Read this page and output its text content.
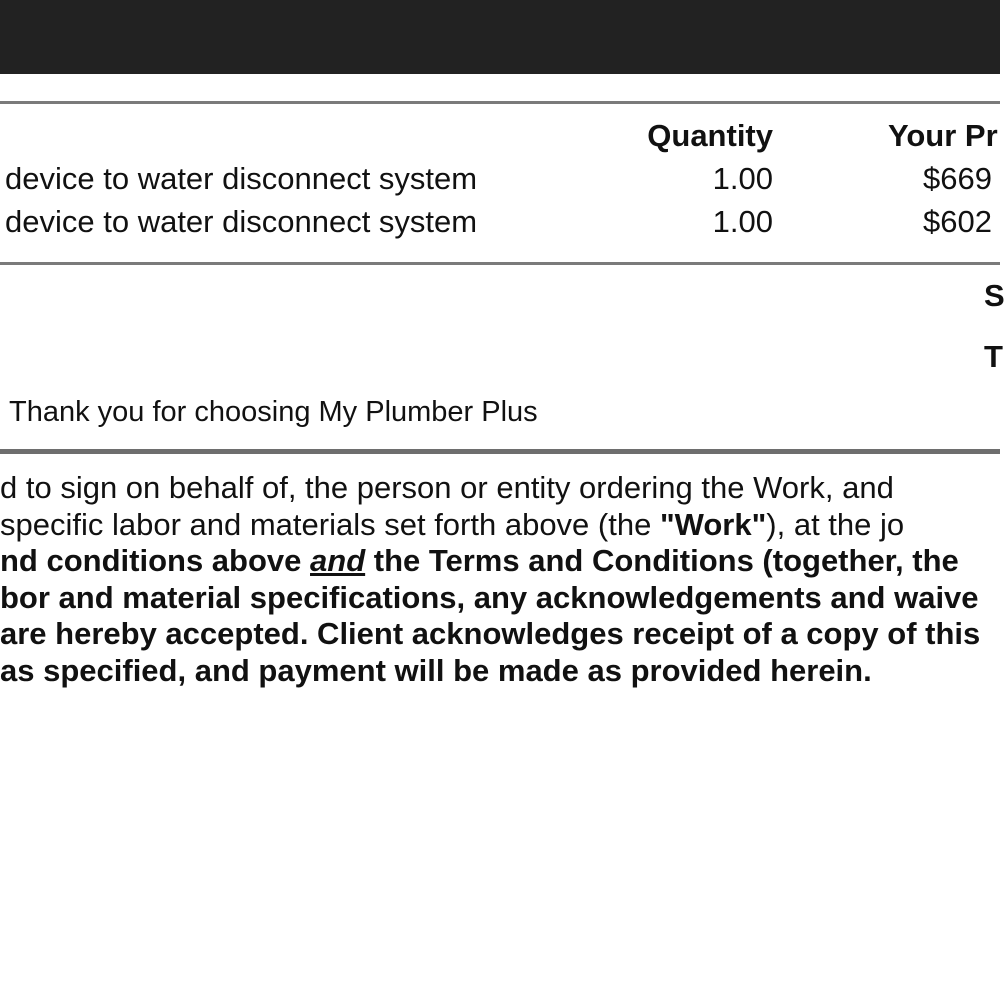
Quantity	Your Pr
device to water disconnect system	1.00	$669
device to water disconnect system	1.00	$602
S
T
Thank you for choosing My Plumber Plus
d to sign on behalf of, the person or entity ordering the Work, and
specific labor and materials set forth above (the "Work"), at the jo
nd conditions above and the Terms and Conditions (together, the
bor and material specifications, any acknowledgements and waive
are hereby accepted. Client acknowledges receipt of a copy of this
as specified, and payment will be made as provided herein.
